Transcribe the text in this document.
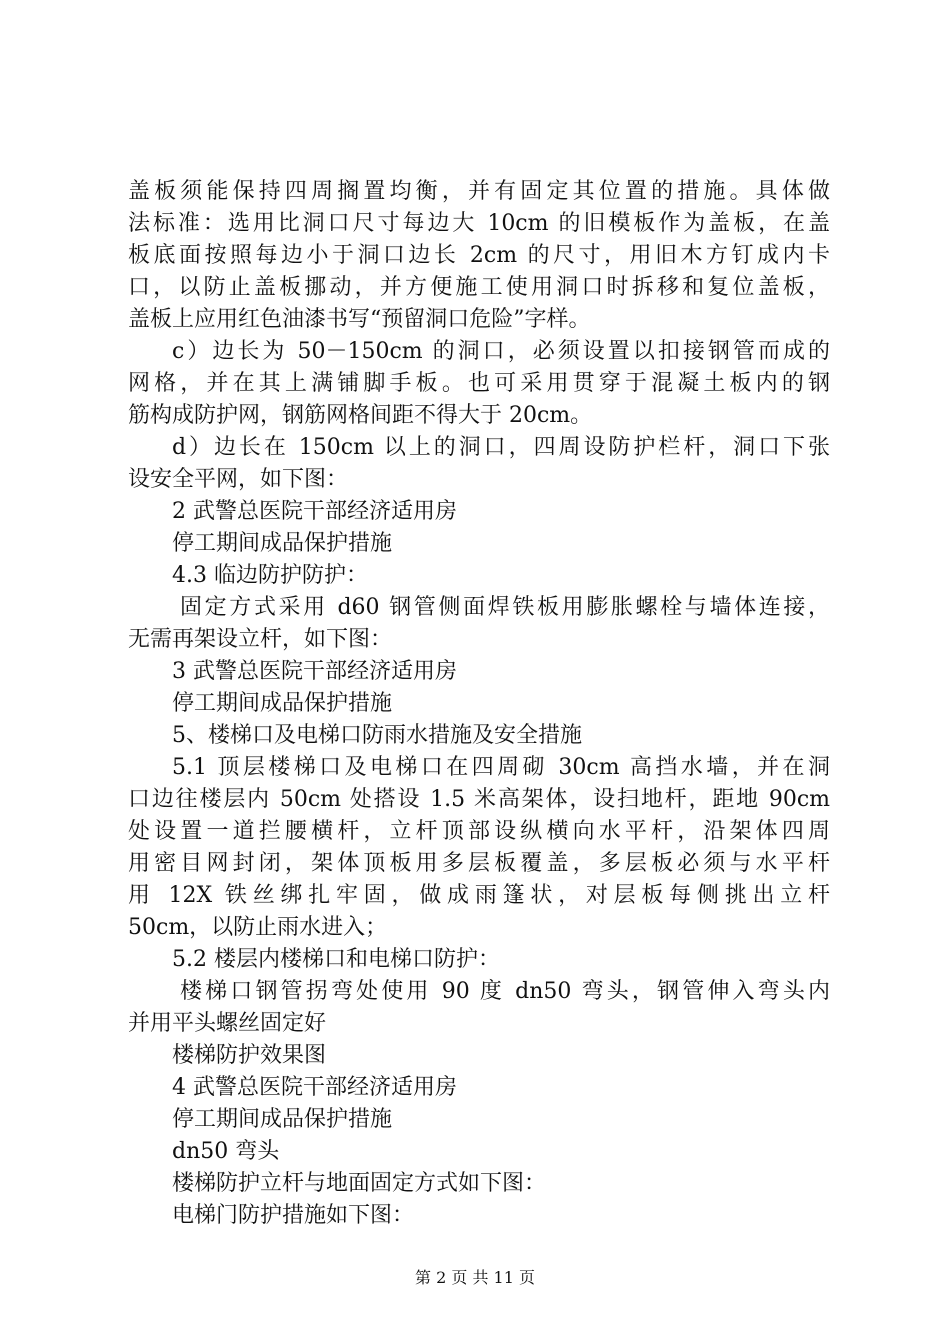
盖板须能保持四周搁置均衡，并有固定其位置的措施。具体做
法标准：选用比洞口尺寸每边大 10cm 的旧模板作为盖板，在盖
板底面按照每边小于洞口边长 2cm 的尺寸，用旧木方钉成内卡
口，以防止盖板挪动，并方便施工使用洞口时拆移和复位盖板，
盖板上应用红色油漆书写“预留洞口危险”字样。
c）边长为 50－150cm 的洞口，必须设置以扣接钢管而成的
网格，并在其上满铺脚手板。也可采用贯穿于混凝土板内的钢
筋构成防护网，钢筋网格间距不得大于 20cm。
d）边长在 150cm 以上的洞口，四周设防护栏杆，洞口下张
设安全平网，如下图：
2 武警总医院干部经济适用房
停工期间成品保护措施
4.3 临边防护防护：
固定方式采用 d60 钢管侧面焊铁板用膨胀螺栓与墙体连接，
无需再架设立杆，如下图：
3 武警总医院干部经济适用房
停工期间成品保护措施
5、楼梯口及电梯口防雨水措施及安全措施
5.1 顶层楼梯口及电梯口在四周砌 30cm 高挡水墙，并在洞
口边往楼层内 50cm 处搭设 1.5 米高架体，设扫地杆，距地 90cm
处设置一道拦腰横杆，立杆顶部设纵横向水平杆，沿架体四周
用密目网封闭，架体顶板用多层板覆盖，多层板必须与水平杆
用 12X 铁丝绑扎牢固，做成雨篷状，对层板每侧挑出立杆
50cm，以防止雨水进入；
5.2 楼层内楼梯口和电梯口防护：
楼梯口钢管拐弯处使用 90 度 dn50 弯头，钢管伸入弯头内
并用平头螺丝固定好
楼梯防护效果图
4 武警总医院干部经济适用房
停工期间成品保护措施
dn50 弯头
楼梯防护立杆与地面固定方式如下图：
电梯门防护措施如下图：
第 2 页 共 11 页
